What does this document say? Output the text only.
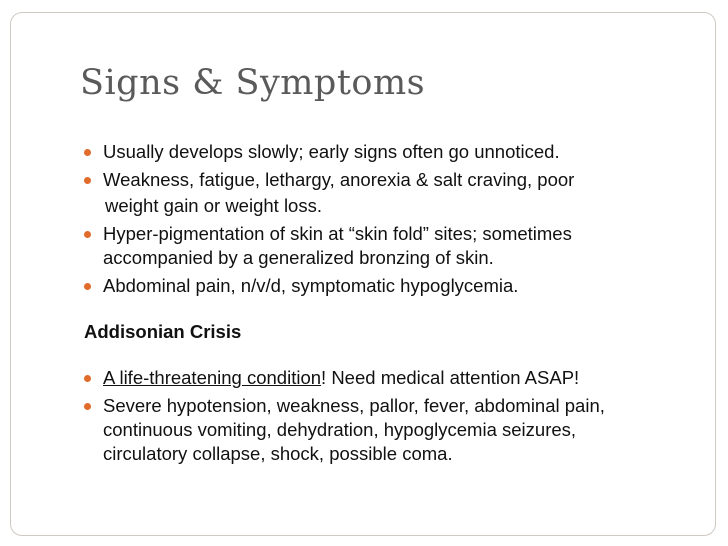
Signs & Symptoms
Usually develops slowly; early signs often go unnoticed.
Weakness, fatigue, lethargy, anorexia & salt craving, poor
weight gain or weight loss.
Hyper-pigmentation of skin at “skin fold” sites; sometimes
accompanied by a generalized bronzing of skin.
Abdominal pain, n/v/d, symptomatic hypoglycemia.
Addisonian Crisis
A life-threatening condition! Need medical attention ASAP!
Severe hypotension, weakness, pallor, fever, abdominal pain,
continuous vomiting, dehydration, hypoglycemia seizures,
circulatory collapse, shock, possible coma.
